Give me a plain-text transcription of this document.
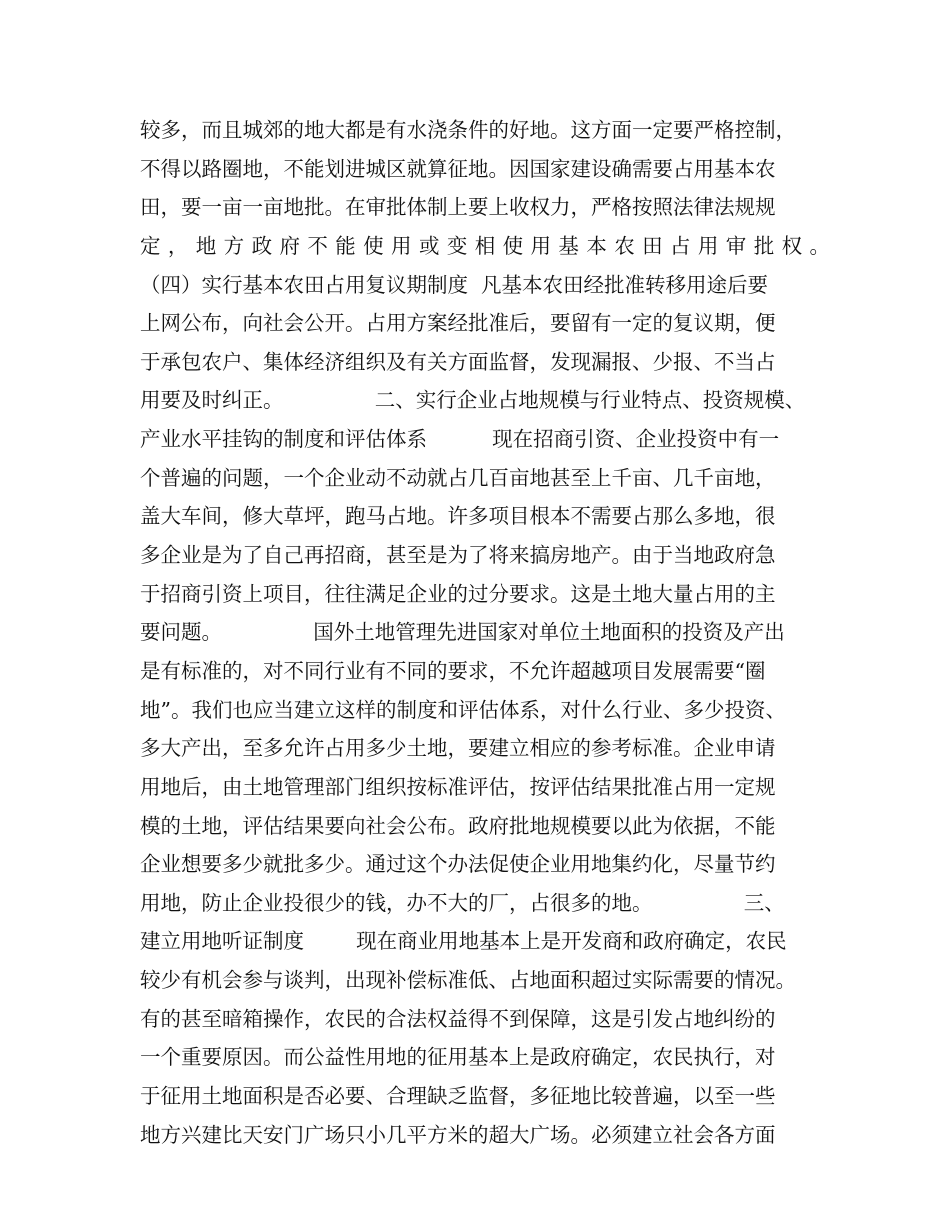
较多，而且城郊的地大都是有水浇条件的好地。这方面一定要严格控制，
不得以路圈地，不能划进城区就算征地。因国家建设确需要占用基本农
田，要一亩一亩地批。在审批体制上要上收权力，严格按照法律法规规
定，地方政府不能使用或变相使用基本农田占用审批权。
（四）实行基本农田占用复议期制度  凡基本农田经批准转移用途后要
上网公布，向社会公开。占用方案经批准后，要留有一定的复议期，便
于承包农户、集体经济组织及有关方面监督，发现漏报、少报、不当占
用要及时纠正。              二、实行企业占地规模与行业特点、投资规模、
产业水平挂钩的制度和评估体系          现在招商引资、企业投资中有一
个普遍的问题，一个企业动不动就占几百亩地甚至上千亩、几千亩地，
盖大车间，修大草坪，跑马占地。许多项目根本不需要占那么多地，很
多企业是为了自己再招商，甚至是为了将来搞房地产。由于当地政府急
于招商引资上项目，往往满足企业的过分要求。这是土地大量占用的主
要问题。              国外土地管理先进国家对单位土地面积的投资及产出
是有标准的，对不同行业有不同的要求，不允许超越项目发展需要“圈
地”。我们也应当建立这样的制度和评估体系，对什么行业、多少投资、
多大产出，至多允许占用多少土地，要建立相应的参考标准。企业申请
用地后，由土地管理部门组织按标准评估，按评估结果批准占用一定规
模的土地，评估结果要向社会公布。政府批地规模要以此为依据，不能
企业想要多少就批多少。通过这个办法促使企业用地集约化，尽量节约
用地，防止企业投很少的钱，办不大的厂，占很多的地。              三、
建立用地听证制度        现在商业用地基本上是开发商和政府确定，农民
较少有机会参与谈判，出现补偿标准低、占地面积超过实际需要的情况。
有的甚至暗箱操作，农民的合法权益得不到保障，这是引发占地纠纷的
一个重要原因。而公益性用地的征用基本上是政府确定，农民执行，对
于征用土地面积是否必要、合理缺乏监督，多征地比较普遍，以至一些
地方兴建比天安门广场只小几平方米的超大广场。必须建立社会各方面
